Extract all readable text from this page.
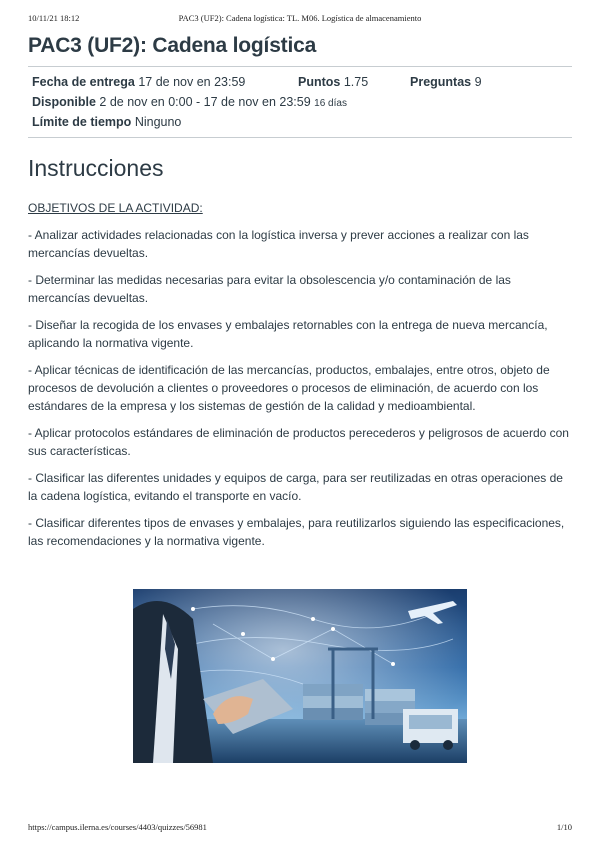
10/11/21 18:12	PAC3 (UF2): Cadena logística: TL. M06. Logística de almacenamiento
PAC3 (UF2): Cadena logística
Fecha de entrega 17 de nov en 23:59	Puntos 1.75	Preguntas 9
Disponible 2 de nov en 0:00 - 17 de nov en 23:59 16 días
Límite de tiempo Ninguno
Instrucciones
OBJETIVOS DE LA ACTIVIDAD:

- Analizar actividades relacionadas con la logística inversa y prever acciones a realizar con las mercancías devueltas.

- Determinar las medidas necesarias para evitar la obsolescencia y/o contaminación de las mercancías devueltas.

- Diseñar la recogida de los envases y embalajes retornables con la entrega de nueva mercancía, aplicando la normativa vigente.

- Aplicar técnicas de identificación de las mercancías, productos, embalajes, entre otros, objeto de procesos de devolución a clientes o proveedores o procesos de eliminación, de acuerdo con los estándares de la empresa y los sistemas de gestión de la calidad y medioambiental.

- Aplicar protocolos estándares de eliminación de productos perecederos y peligrosos de acuerdo con sus características.

- Clasificar las diferentes unidades y equipos de carga, para ser reutilizadas en otras operaciones de la cadena logística, evitando el transporte en vacío.

- Clasificar diferentes tipos de envases y embalajes, para reutilizarlos siguiendo las especificaciones, las recomendaciones y la normativa vigente.

https://campus.ilerna.es/courses/4403/quizzes/56981	1/10
